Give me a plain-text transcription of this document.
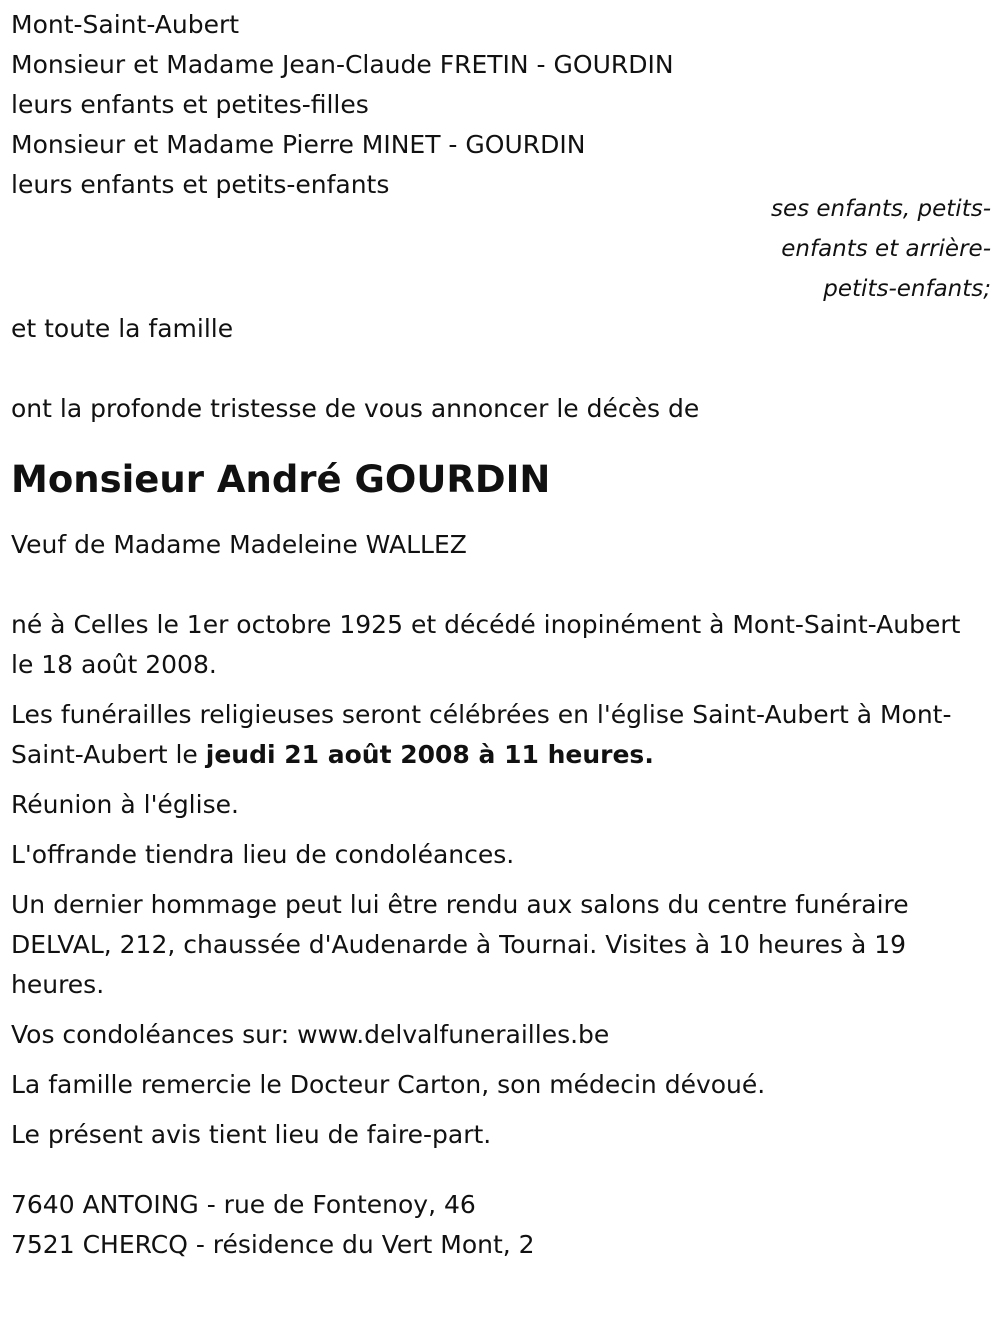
Mont-Saint-Aubert
Monsieur et Madame Jean-Claude FRETIN - GOURDIN
leurs enfants et petites-filles
Monsieur et Madame Pierre MINET - GOURDIN
leurs enfants et petits-enfants
ses enfants, petits-
enfants et arrière-
petits-enfants;
et toute la famille
ont la profonde tristesse de vous annoncer le décès de
Monsieur André GOURDIN
Veuf de Madame Madeleine WALLEZ

né à Celles le 1er octobre 1925 et décédé inopinément à Mont-Saint-Aubert le 18 août 2008.

Les funérailles religieuses seront célébrées en l'église Saint-Aubert à Mont-Saint-Aubert le jeudi 21 août 2008 à 11 heures.

Réunion à l'église.

L'offrande tiendra lieu de condoléances.

Un dernier hommage peut lui être rendu aux salons du centre funéraire DELVAL, 212, chaussée d'Audenarde à Tournai. Visites à 10 heures à 19 heures.

Vos condoléances sur: www.delvalfunerailles.be

La famille remercie le Docteur Carton, son médecin dévoué.

Le présent avis tient lieu de faire-part.

7640 ANTOING - rue de Fontenoy, 46
7521 CHERCQ - résidence du Vert Mont, 2
